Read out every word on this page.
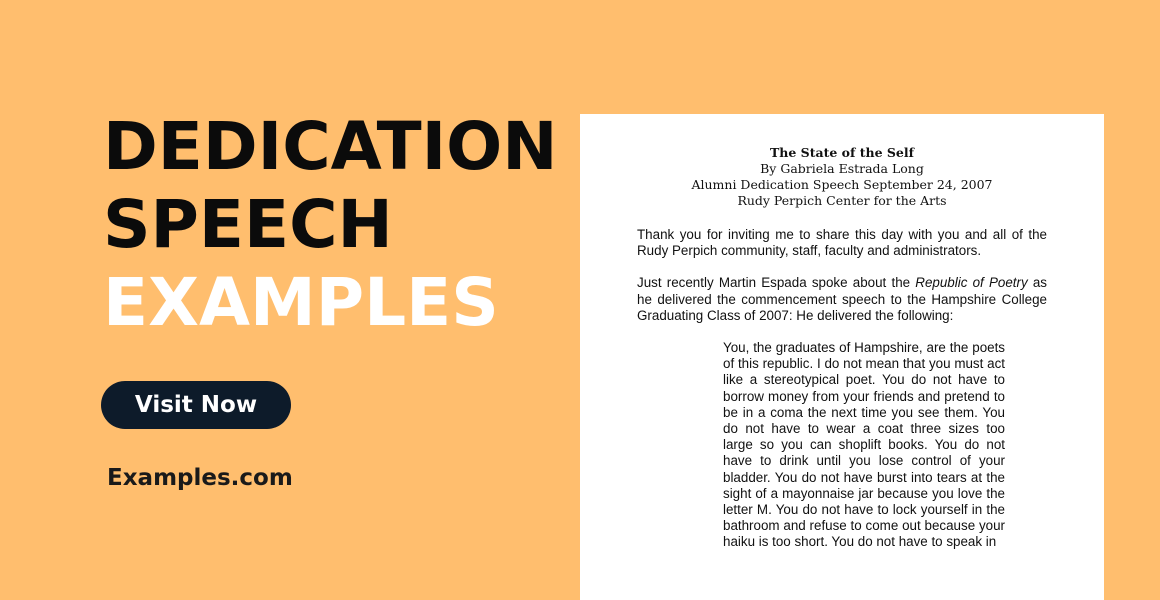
DEDICATION
SPEECH
EXAMPLES
Visit Now
Examples.com
The State of the Self
By Gabriela Estrada Long
Alumni Dedication Speech September 24, 2007
Rudy Perpich Center for the Arts

Thank you for inviting me to share this day with you and all of the Rudy Perpich community, staff, faculty and administrators.

Just recently Martin Espada spoke about the Republic of Poetry as he delivered the commencement speech to the Hampshire College Graduating Class of 2007: He delivered the following:

You, the graduates of Hampshire, are the poets of this republic. I do not mean that you must act like a stereotypical poet. You do not have to borrow money from your friends and pretend to be in a coma the next time you see them. You do not have to wear a coat three sizes too large so you can shoplift books. You do not have to drink until you lose control of your bladder. You do not have burst into tears at the sight of a mayonnaise jar because you love the letter M. You do not have to lock yourself in the bathroom and refuse to come out because your haiku is too short. You do not have to speak in
